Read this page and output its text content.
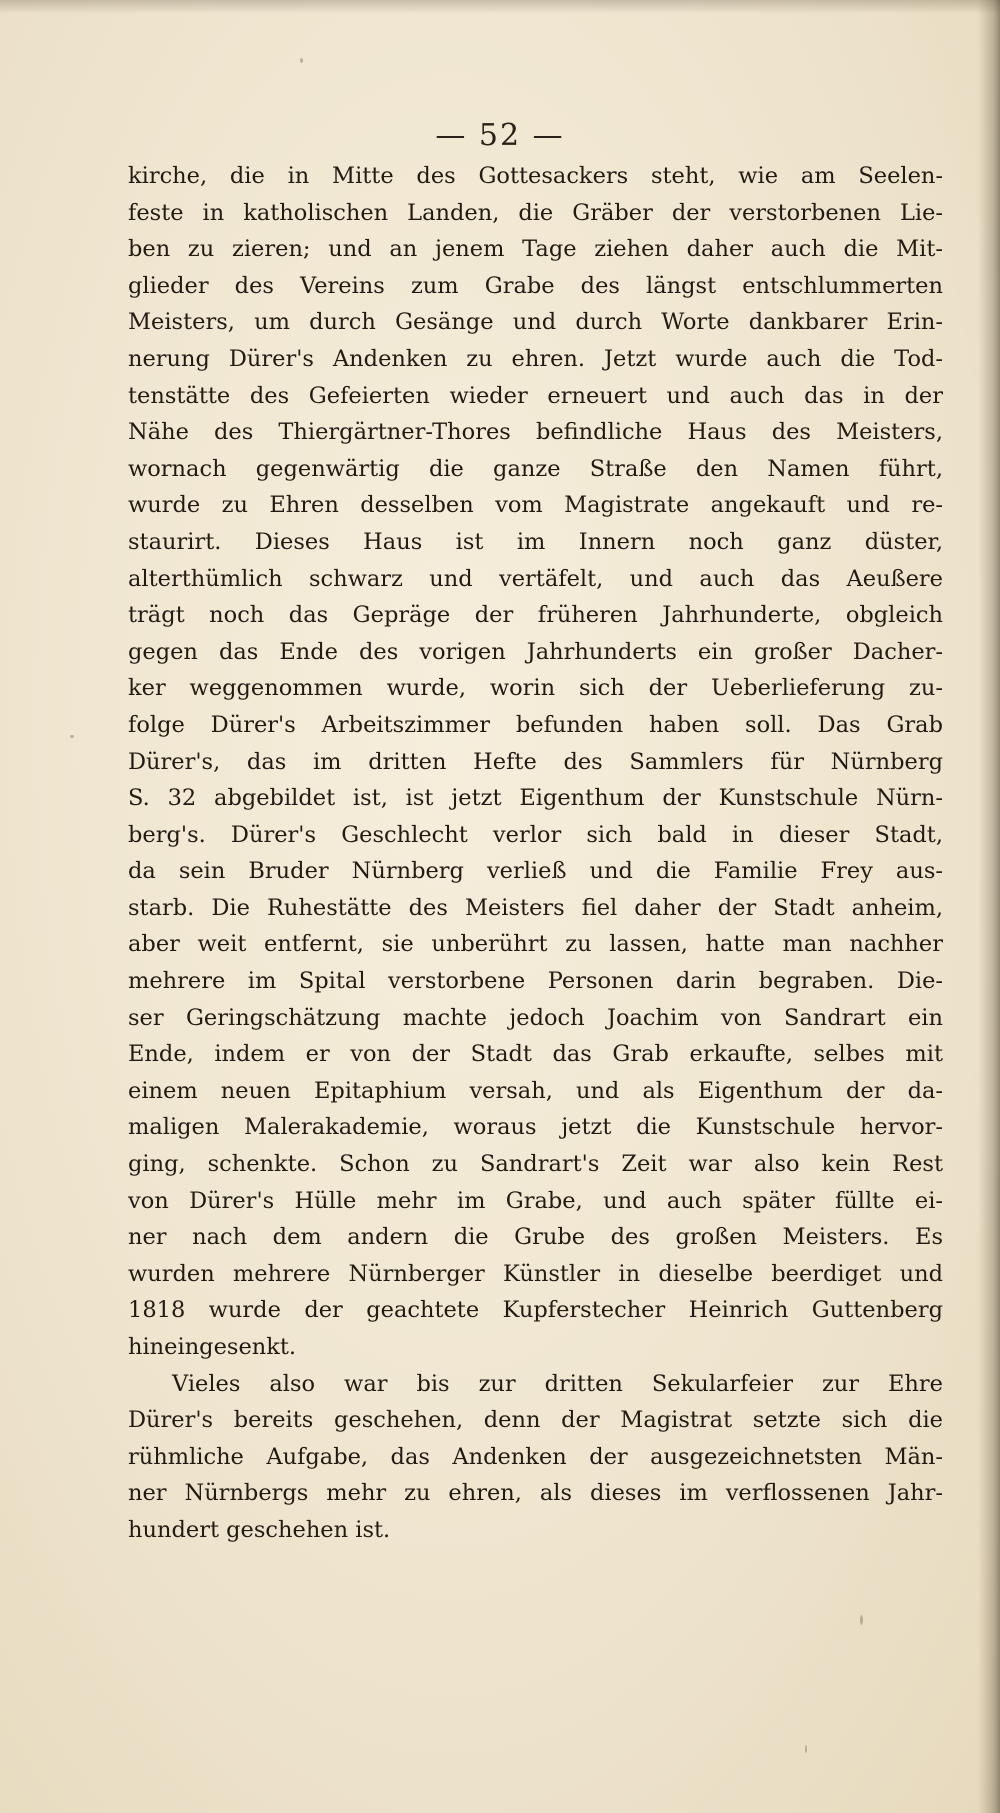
— 52 —
kirche, die in Mitte des Gottesackers steht, wie am Seelen-
feste in katholischen Landen, die Gräber der verstorbenen Lie-
ben zu zieren; und an jenem Tage ziehen daher auch die Mit-
glieder des Vereins zum Grabe des längst entschlummerten
Meisters, um durch Gesänge und durch Worte dankbarer Erin-
nerung Dürer's Andenken zu ehren. Jetzt wurde auch die Tod-
tenstätte des Gefeierten wieder erneuert und auch das in der
Nähe des Thiergärtner-Thores befindliche Haus des Meisters,
wornach gegenwärtig die ganze Straße den Namen führt,
wurde zu Ehren desselben vom Magistrate angekauft und re-
staurirt. Dieses Haus ist im Innern noch ganz düster,
alterthümlich schwarz und vertäfelt, und auch das Aeußere
trägt noch das Gepräge der früheren Jahrhunderte, obgleich
gegen das Ende des vorigen Jahrhunderts ein großer Dacher-
ker weggenommen wurde, worin sich der Ueberlieferung zu-
folge Dürer's Arbeitszimmer befunden haben soll. Das Grab
Dürer's, das im dritten Hefte des Sammlers für Nürnberg
S. 32 abgebildet ist, ist jetzt Eigenthum der Kunstschule Nürn-
berg's. Dürer's Geschlecht verlor sich bald in dieser Stadt,
da sein Bruder Nürnberg verließ und die Familie Frey aus-
starb. Die Ruhestätte des Meisters fiel daher der Stadt anheim,
aber weit entfernt, sie unberührt zu lassen, hatte man nachher
mehrere im Spital verstorbene Personen darin begraben. Die-
ser Geringschätzung machte jedoch Joachim von Sandrart ein
Ende, indem er von der Stadt das Grab erkaufte, selbes mit
einem neuen Epitaphium versah, und als Eigenthum der da-
maligen Malerakademie, woraus jetzt die Kunstschule hervor-
ging, schenkte. Schon zu Sandrart's Zeit war also kein Rest
von Dürer's Hülle mehr im Grabe, und auch später füllte ei-
ner nach dem andern die Grube des großen Meisters. Es
wurden mehrere Nürnberger Künstler in dieselbe beerdiget und
1818 wurde der geachtete Kupferstecher Heinrich Guttenberg
hineingesenkt.
Vieles also war bis zur dritten Sekularfeier zur Ehre
Dürer's bereits geschehen, denn der Magistrat setzte sich die
rühmliche Aufgabe, das Andenken der ausgezeichnetsten Män-
ner Nürnbergs mehr zu ehren, als dieses im verflossenen Jahr-
hundert geschehen ist.
